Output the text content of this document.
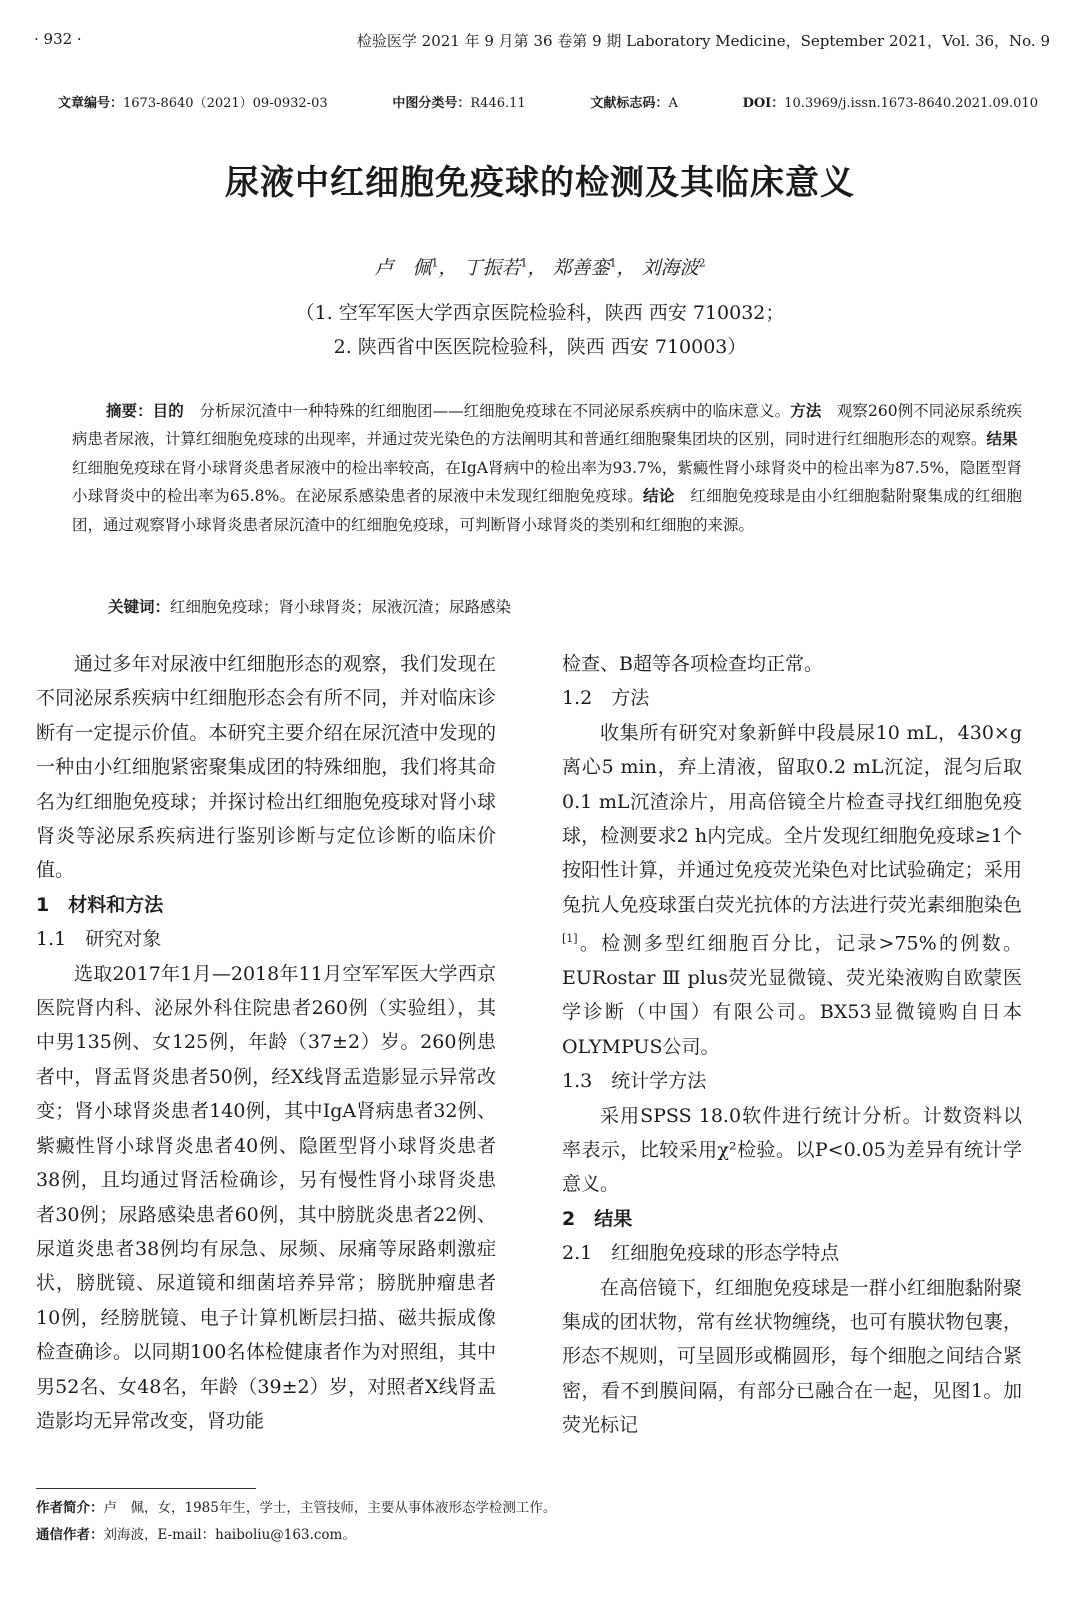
· 932 ·	检验医学 2021 年 9 月第 36 卷第 9 期 Laboratory Medicine，September 2021，Vol. 36，No. 9
文章编号：1673-8640（2021）09-0932-03	中图分类号：R446.11	文献标志码：A	DOI：10.3969/j.issn.1673-8640.2021.09.010
尿液中红细胞免疫球的检测及其临床意义
卢　佩$^1$， 丁振若$^1$， 郑善銮$^1$， 刘海波$^2$
（1. 空军军医大学西京医院检验科，陕西 西安 710032；
2. 陕西省中医医院检验科，陕西 西安 710003）
摘要：目的　分析尿沉渣中一种特殊的红细胞团——红细胞免疫球在不同泌尿系疾病中的临床意义。方法　观察260例不同泌尿系统疾病患者尿液，计算红细胞免疫球的出现率，并通过荧光染色的方法阐明其和普通红细胞聚集团块的区别，同时进行红细胞形态的观察。结果　红细胞免疫球在肾小球肾炎患者尿液中的检出率较高，在IgA肾病中的检出率为93.7%，紫癜性肾小球肾炎中的检出率为87.5%，隐匿型肾小球肾炎中的检出率为65.8%。在泌尿系感染患者的尿液中未发现红细胞免疫球。结论　红细胞免疫球是由小红细胞黏附聚集成的红细胞团，通过观察肾小球肾炎患者尿沉渣中的红细胞免疫球，可判断肾小球肾炎的类别和红细胞的来源。
关键词：红细胞免疫球；肾小球肾炎；尿液沉渣；尿路感染

通过多年对尿液中红细胞形态的观察，我们发现在不同泌尿系疾病中红细胞形态会有所不同，并对临床诊断有一定提示价值。本研究主要介绍在尿沉渣中发现的一种由小红细胞紧密聚集成团的特殊细胞，我们将其命名为红细胞免疫球；并探讨检出红细胞免疫球对肾小球肾炎等泌尿系疾病进行鉴别诊断与定位诊断的临床价值。

1　材料和方法
1.1　研究对象

选取2017年1月—2018年11月空军军医大学西京医院肾内科、泌尿外科住院患者260例（实验组），其中男135例、女125例，年龄（37±2）岁。260例患者中，肾盂肾炎患者50例，经X线肾盂造影显示异常改变；肾小球肾炎患者140例，其中IgA肾病患者32例、紫癜性肾小球肾炎患者40例、隐匿型肾小球肾炎患者38例，且均通过肾活检确诊，另有慢性肾小球肾炎患者30例；尿路感染患者60例，其中膀胱炎患者22例、尿道炎患者38例均有尿急、尿频、尿痛等尿路刺激症状，膀胱镜、尿道镜和细菌培养异常；膀胱肿瘤患者10例，经膀胱镜、电子计算机断层扫描、磁共振成像检查确诊。以同期100名体检健康者作为对照组，其中男52名、女48名，年龄（39±2）岁，对照者X线肾盂造影均无异常改变，肾功能

检查、B超等各项检查均正常。

1.2　方法

收集所有研究对象新鲜中段晨尿10 mL，430×g离心5 min，弃上清液，留取0.2 mL沉淀，混匀后取0.1 mL沉渣涂片，用高倍镜全片检查寻找红细胞免疫球，检测要求2 h内完成。全片发现红细胞免疫球≥1个按阳性计算，并通过免疫荧光染色对比试验确定；采用兔抗人免疫球蛋白荧光抗体的方法进行荧光素细胞染色[1]。检测多型红细胞百分比，记录>75%的例数。EURostar Ⅲ plus荧光显微镜、荧光染液购自欧蒙医学诊断（中国）有限公司。BX53显微镜购自日本OLYMPUS公司。

1.3　统计学方法

采用SPSS 18.0软件进行统计分析。计数资料以率表示，比较采用χ²检验。以P<0.05为差异有统计学意义。

2　结果
2.1　红细胞免疫球的形态学特点

在高倍镜下，红细胞免疫球是一群小红细胞黏附聚集成的团状物，常有丝状物缠绕，也可有膜状物包裹，形态不规则，可呈圆形或椭圆形，每个细胞之间结合紧密，看不到膜间隔，有部分已融合在一起，见图1。加荧光标记

作者简介：卢　佩，女，1985年生，学士，主管技师，主要从事体液形态学检测工作。
通信作者：刘海波，E-mail：haiboliu@163.com。
